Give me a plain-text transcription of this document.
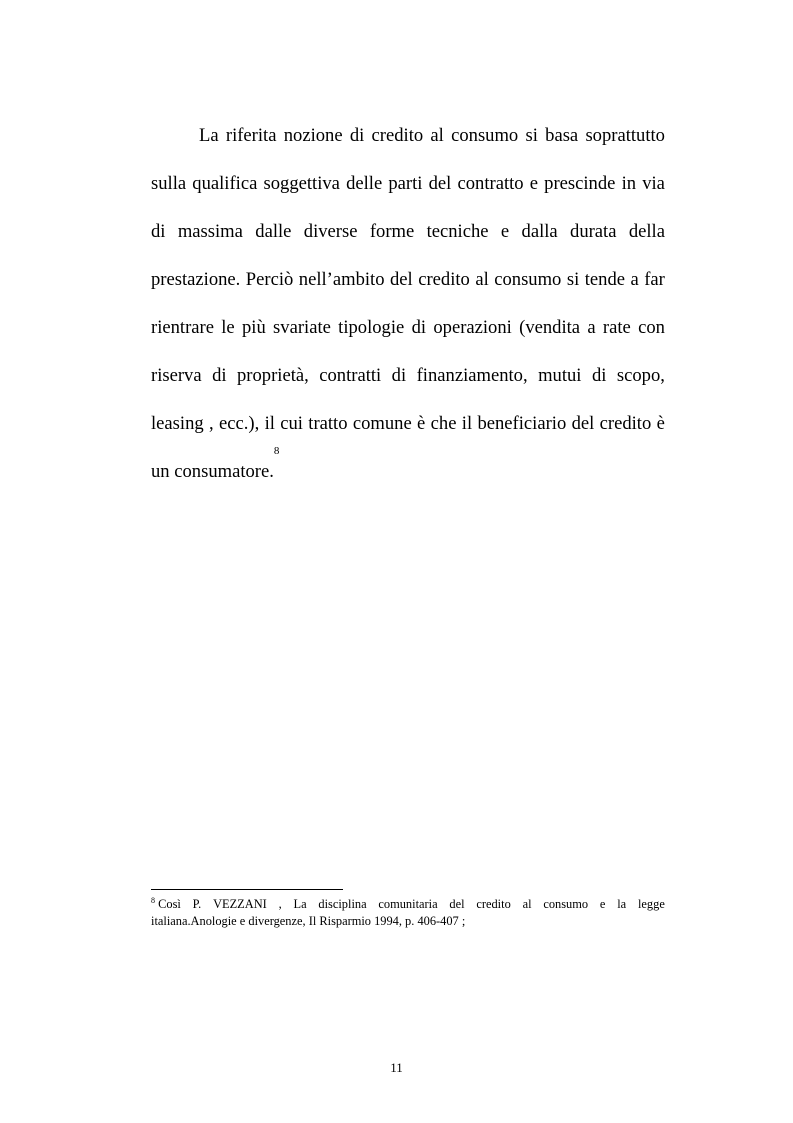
La riferita nozione di credito al consumo si basa soprattutto
sulla qualifica soggettiva delle parti del contratto e prescinde in via
di massima dalle diverse forme tecniche e dalla durata della
prestazione. Perciò nell’ambito del credito al consumo si tende a far
rientrare le più svariate tipologie di operazioni (vendita a rate con
riserva di proprietà, contratti di finanziamento, mutui di scopo,
leasing , ecc.), il cui tratto comune è che il beneficiario del credito è
un consumatore.
8
$^8$ Così P. VEZZANI , La disciplina comunitaria del credito al consumo e la legge
italiana.Anologie e divergenze, Il Risparmio 1994, p. 406-407 ;
11
